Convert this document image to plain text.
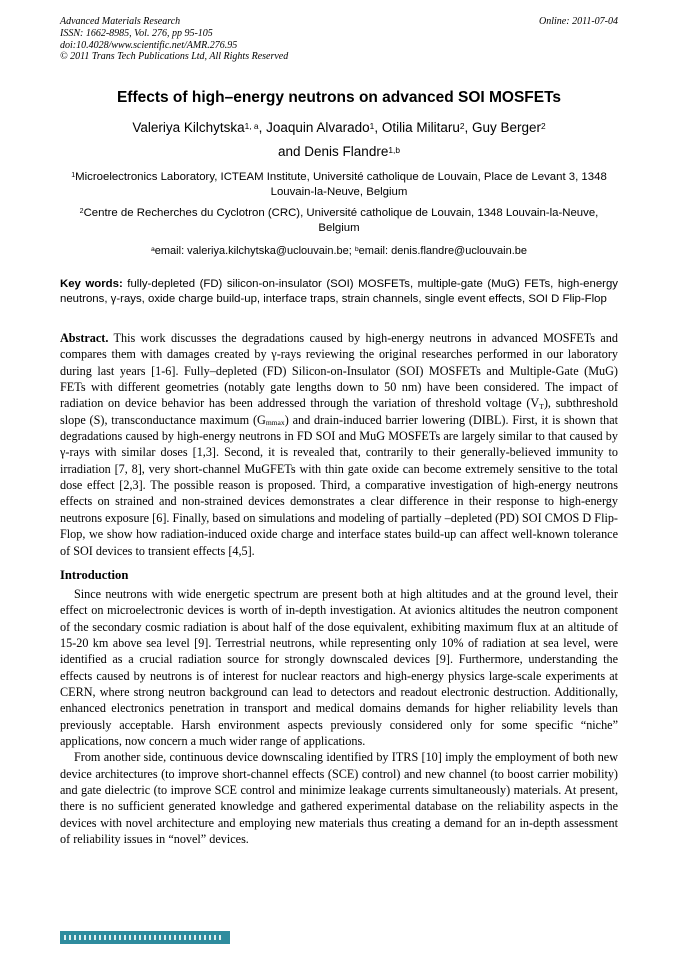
Advanced Materials Research
ISSN: 1662-8985, Vol. 276, pp 95-105
doi:10.4028/www.scientific.net/AMR.276.95
© 2011 Trans Tech Publications Ltd, All Rights Reserved
Online: 2011-07-04
Effects of high–energy neutrons on advanced SOI MOSFETs
Valeriya Kilchytska$^{1, a}$, Joaquin Alvarado$^1$, Otilia Militaru$^2$, Guy Berger$^2$
and Denis Flandre$^{1,b}$
$^1$Microelectronics Laboratory, ICTEAM Institute, Université catholique de Louvain, Place de Levant 3, 1348 Louvain-la-Neuve, Belgium
$^2$Centre de Recherches du Cyclotron (CRC), Université catholique de Louvain, 1348 Louvain-la-Neuve, Belgium
$^a$email: valeriya.kilchytska@uclouvain.be; $^b$email: denis.flandre@uclouvain.be

Key words: fully-depleted (FD) silicon-on-insulator (SOI) MOSFETs, multiple-gate (MuG) FETs, high-energy neutrons, γ-rays, oxide charge build-up, interface traps, strain channels, single event effects, SOI D Flip-Flop

Abstract. This work discusses the degradations caused by high-energy neutrons in advanced MOSFETs and compares them with damages created by γ-rays reviewing the original researches performed in our laboratory during last years [1-6]. Fully–depleted (FD) Silicon-on-Insulator (SOI) MOSFETs and Multiple-Gate (MuG) FETs with different geometries (notably gate lengths down to 50 nm) have been considered. The impact of radiation on device behavior has been addressed through the variation of threshold voltage $(V_T)$, subthreshold slope (S), transconductance maximum $(G_{mmax})$ and drain-induced barrier lowering (DIBL). First, it is shown that degradations caused by high-energy neutrons in FD SOI and MuG MOSFETs are largely similar to that caused by γ-rays with similar doses [1,3]. Second, it is revealed that, contrarily to their generally-believed immunity to irradiation [7, 8], very short-channel MuGFETs with thin gate oxide can become extremely sensitive to the total dose effect [2,3]. The possible reason is proposed. Third, a comparative investigation of high-energy neutrons effects on strained and non-strained devices demonstrates a clear difference in their response to high-energy neutrons exposure [6]. Finally, based on simulations and modeling of partially –depleted (PD) SOI CMOS D Flip-Flop, we show how radiation-induced oxide charge and interface states build-up can affect well-known tolerance of SOI devices to transient effects [4,5].

Introduction

Since neutrons with wide energetic spectrum are present both at high altitudes and at the ground level, their effect on microelectronic devices is worth of in-depth investigation. At avionics altitudes the neutron component of the secondary cosmic radiation is about half of the dose equivalent, exhibiting maximum flux at an altitude of 15-20 km above sea level [9]. Terrestrial neutrons, while representing only 10% of radiation at sea level, were identified as a crucial radiation source for strongly downscaled devices [9]. Furthermore, understanding the effects caused by neutrons is of interest for nuclear reactors and high-energy physics large-scale experiments at CERN, where strong neutron background can lead to detectors and readout electronic destruction. Additionally, enhanced electronics penetration in transport and medical domains demands for higher reliability levels than previously acceptable. Harsh environment aspects previously considered only for some specific “niche” applications, now concern a much wider range of applications.

From another side, continuous device downscaling identified by ITRS [10] imply the employment of both new device architectures (to improve short-channel effects (SCE) control) and new channel (to boost carrier mobility) and gate dielectric (to improve SCE control and minimize leakage currents simultaneously) materials. At present, there is no sufficient generated knowledge and gathered experimental database on the reliability aspects in the devices with novel architecture and employing new materials thus creating a demand for an in-depth assessment of reliability issues in “novel” devices.
